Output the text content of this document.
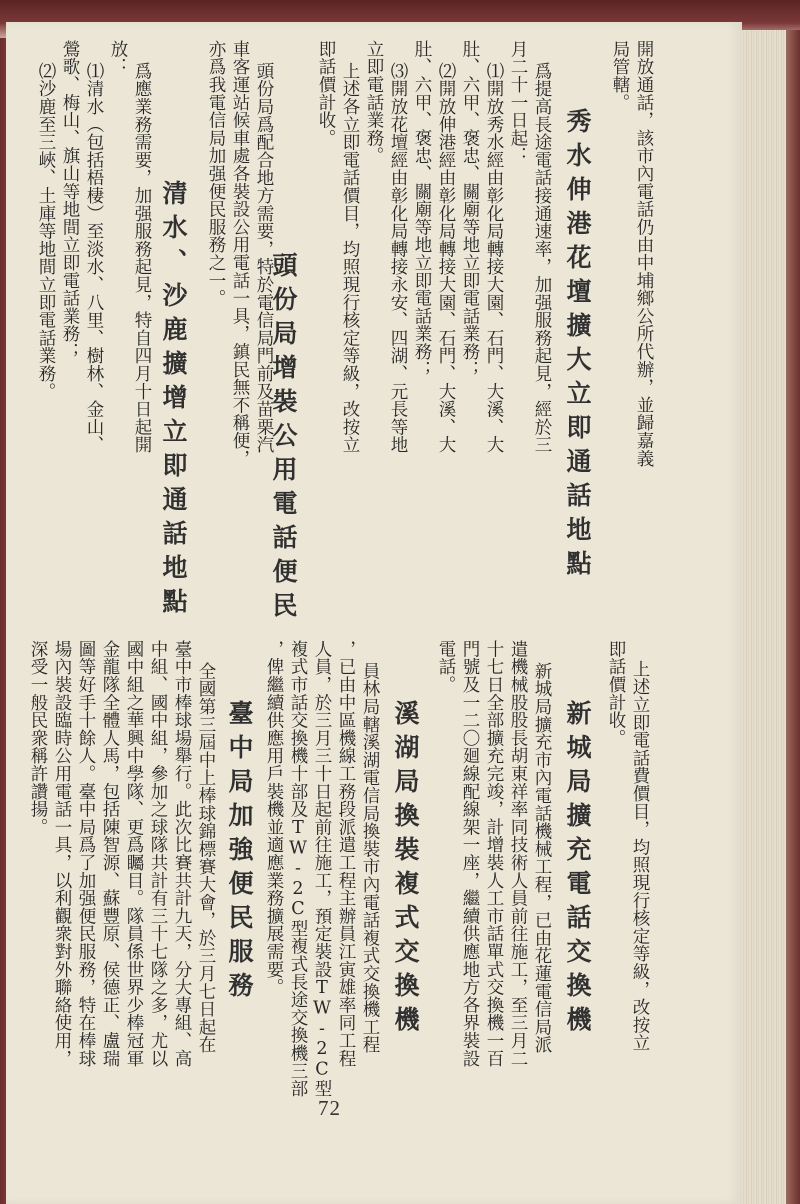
開放通話，該市內電話仍由中埔鄉公所代辦，並歸嘉義

局管轄。

秀水伸港花壇擴大立即通話地點

爲提高長途電話接通速率，加强服務起見，經於三

月二十一日起：

⑴開放秀水經由彰化局轉接大園、石門、大溪、大

肚、六甲、褒忠、關廟等地立即電話業務；

⑵開放伸港經由彰化局轉接大園、石門、大溪、大

肚、六甲、褒忠、關廟等地立即電話業務；

⑶開放花壇經由彰化局轉接永安、四湖、元長等地

立即電話業務。

上述各立即電話價目，均照現行核定等級，改按立

即話價計收。

頭份局增裝公用電話便民

頭份局爲配合地方需要，特於電信局門前及苗栗汽

車客運站候車處各裝設公用電話一具，鎮民無不稱便，

亦爲我電信局加强便民服務之一。

清水、沙鹿擴增立即通話地點

爲應業務需要，加强服務起見，特自四月十日起開

放：

⑴清水（包括梧棲）至淡水、八里、樹林、金山、

鶯歌、梅山、旗山等地間立即電話業務；

⑵沙鹿至三峽、土庫等地間立即電話業務。

上述立即電話費價目，均照現行核定等級，改按立

即話價計收。

新城局擴充電話交換機

新城局擴充市內電話機械工程，已由花蓮電信局派

遣機械股股長胡東祥率同技術人員前往施工，至三月二

十七日全部擴充完竣，計增裝人工市話單式交換機一百

門號及一二〇廻線配線架一座，繼續供應地方各界裝設

電話。

溪湖局換裝複式交換機

員林局轄溪湖電信局換裝市內電話複式交換機工程

，已由中區機線工務段派遣工程主辦員江寅雄率同工程

人員，於三月三十日起前往施工，預定裝設TW-2C型

複式市話交換機十部及TW-2C型複式長途交換機三部

，俾繼續供應用戶裝機並適應業務擴展需要。

臺中局加強便民服務

全國第三屆中上棒球錦標賽大會，於三月七日起在

臺中市棒球場舉行。此次比賽共計九天，分大專組、高

中組、國中組，參加之球隊共計有三十七隊之多，尤以

國中組之華興中學隊、更爲矚目。隊員係世界少棒冠軍

金龍隊全體人馬，包括陳智源、蘇豐原、侯德正、盧瑞

圖等好手十餘人。臺中局爲了加强便民服務，特在棒球

場內裝設臨時公用電話一具，以利觀衆對外聯絡使用，

深受一般民衆稱許讚揚。

72
